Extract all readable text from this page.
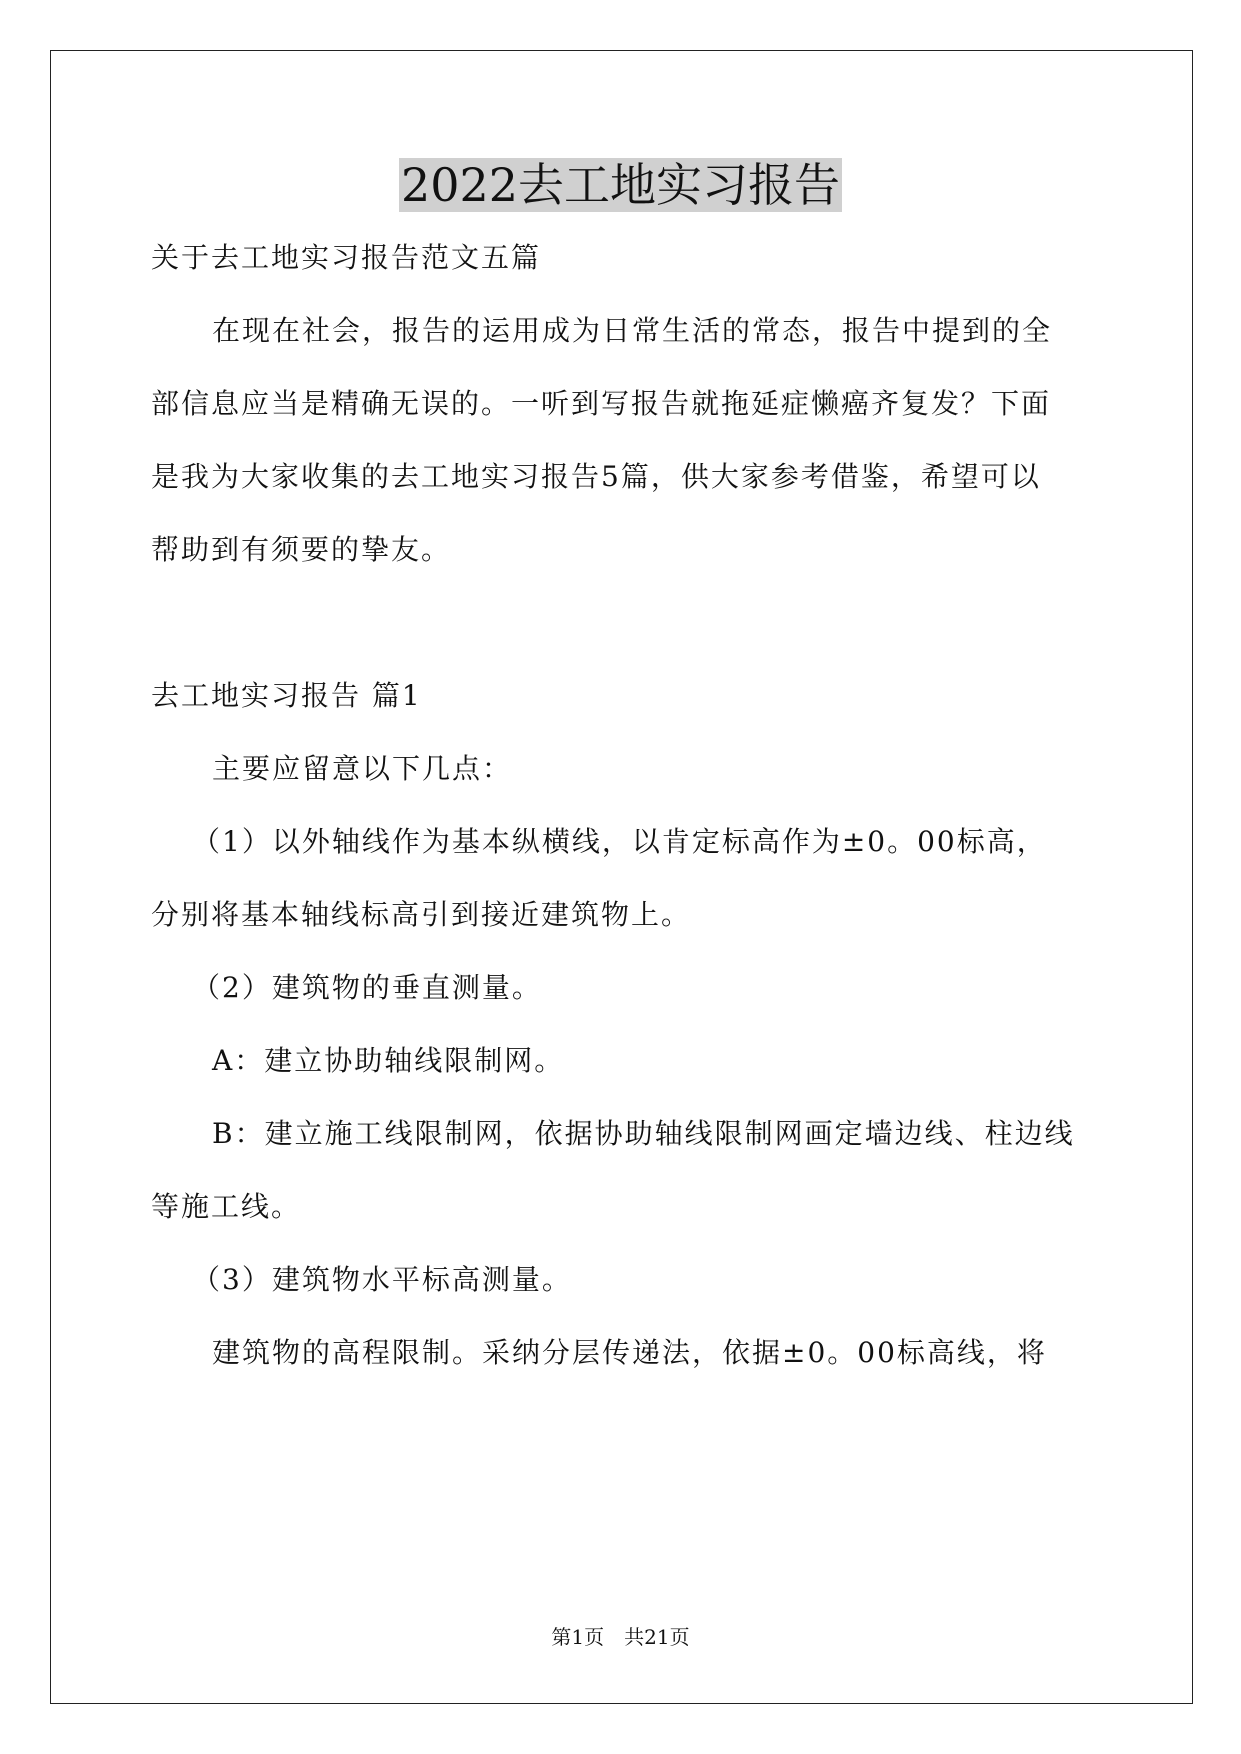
2022去工地实习报告
关于去工地实习报告范文五篇
在现在社会，报告的运用成为日常生活的常态，报告中提到的全
部信息应当是精确无误的。一听到写报告就拖延症懒癌齐复发？下面
是我为大家收集的去工地实习报告5篇，供大家参考借鉴，希望可以
帮助到有须要的挚友。
去工地实习报告 篇1
主要应留意以下几点：
（1）以外轴线作为基本纵横线，以肯定标高作为±0。00标高，
分别将基本轴线标高引到接近建筑物上。
（2）建筑物的垂直测量。
A：建立协助轴线限制网。
B：建立施工线限制网，依据协助轴线限制网画定墙边线、柱边线
等施工线。
（3）建筑物水平标高测量。
建筑物的高程限制。采纳分层传递法，依据±0。00标高线，将
第1页　共21页
